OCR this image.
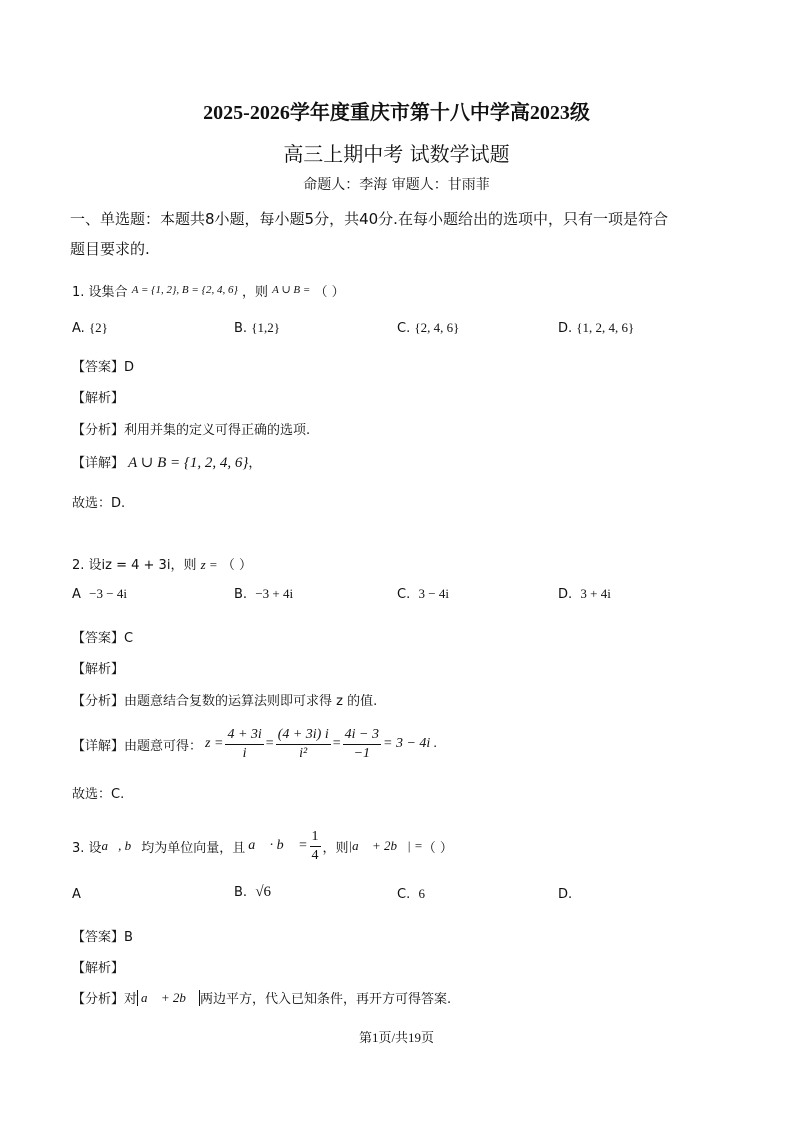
2025-2026学年度重庆市第十八中学高2023级
高三上期中考 试数学试题
命题人：李海 审题人：甘雨菲
一、单选题：本题共8小题，每小题5分，共40分.在每小题给出的选项中，只有一项是符合
题目要求的.
1. 设集合 $^{A = \{1, 2\}, B = \{2, 4, 6\}}$ ，则 $^{A \cup B =}$ （ ）
A. {2}	B. {1,2}	C. {2, 4, 6}	D. {1, 2, 4, 6}
【答案】D
【解析】
【分析】利用并集的定义可得正确的选项.
【详解】 A ∪ B = {1, 2, 4, 6}，
故选：D.
2. 设iz = 4 + 3i，则 z = （ ）
A −3 − 4i	B. −3 + 4i	C. 3 − 4i	D. 3 + 4i
【答案】C
【解析】
【分析】由题意结合复数的运算法则即可求得 z 的值.
【详解】 由题意可得： $z = \frac{4 + 3i}{i} = \frac{(4 + 3i) i}{\text{i²}} = \frac{4i - 3}{-1} = 3 - 4i$ .
故选：C.
3. 设 a⃗, b⃗ 均为单位向量，且 a⃗ · b⃗ = $\frac{1}{4}$ ，则 |a⃗ + 2b⃗| = （ ）
A	B. √6	C. 6	D.
【答案】B
【解析】
【分析】 对 a⃗ + 2b⃗ 两边平方，代入已知条件，再开方可得答案.
第1页/共19页
